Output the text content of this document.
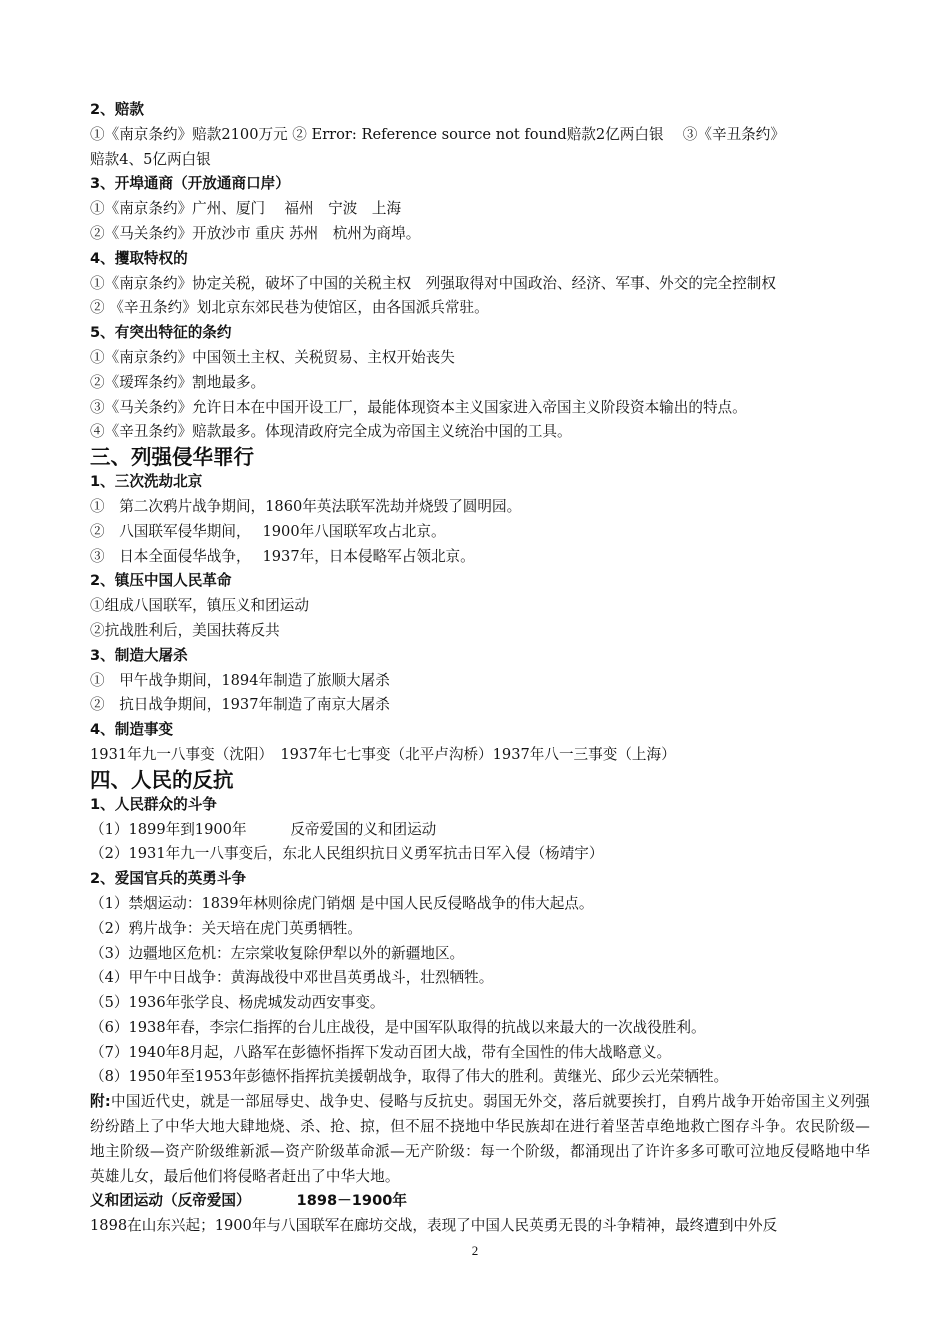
2、赔款
①《南京条约》赔款2100万元 ② Error: Reference source not found赔款2亿两白银　 ③《辛丑条约》
赔款4、5亿两白银
3、开埠通商（开放通商口岸）
①《南京条约》广州、厦门　 福州　宁波　上海
②《马关条约》开放沙市 重庆 苏州　杭州为商埠。
4、攫取特权的
①《南京条约》协定关税，破坏了中国的关税主权　列强取得对中国政治、经济、军事、外交的完全控制权
② 《辛丑条约》划北京东郊民巷为使馆区，由各国派兵常驻。
5、有突出特征的条约
①《南京条约》中国领土主权、关税贸易、主权开始丧失
②《瑷珲条约》割地最多。
③《马关条约》允许日本在中国开设工厂，最能体现资本主义国家进入帝国主义阶段资本输出的特点。
④《辛丑条约》赔款最多。体现清政府完全成为帝国主义统治中国的工具。
三、列强侵华罪行
1、三次洗劫北京
①　第二次鸦片战争期间，1860年英法联军洗劫并烧毁了圆明园。
②　八国联军侵华期间，　 1900年八国联军攻占北京。
③　日本全面侵华战争，　 1937年，日本侵略军占领北京。
2、镇压中国人民革命
①组成八国联军，镇压义和团运动
②抗战胜利后，美国扶蒋反共
3、制造大屠杀
①　甲午战争期间，1894年制造了旅顺大屠杀
②　抗日战争期间，1937年制造了南京大屠杀
4、制造事变
1931年九一八事变（沈阳）　1937年七七事变（北平卢沟桥）1937年八一三事变（上海）
四、人民的反抗
1、人民群众的斗争
（1）1899年到1900年　　　反帝爱国的义和团运动
（2）1931年九一八事变后，东北人民组织抗日义勇军抗击日军入侵（杨靖宇）
2、爱国官兵的英勇斗争
（1）禁烟运动：1839年林则徐虎门销烟 是中国人民反侵略战争的伟大起点。
（2）鸦片战争：关天培在虎门英勇牺牲。
（3）边疆地区危机：左宗棠收复除伊犁以外的新疆地区。
（4）甲午中日战争：黄海战役中邓世昌英勇战斗，壮烈牺牲。
（5）1936年张学良、杨虎城发动西安事变。
（6）1938年春，李宗仁指挥的台儿庄战役，是中国军队取得的抗战以来最大的一次战役胜利。
（7）1940年8月起，八路军在彭德怀指挥下发动百团大战，带有全国性的伟大战略意义。
（8）1950年至1953年彭德怀指挥抗美援朝战争，取得了伟大的胜利。黄继光、邱少云光荣牺牲。
附:中国近代史，就是一部屈辱史、战争史、侵略与反抗史。弱国无外交，落后就要挨打，自鸦片战争开始帝国主义列强纷纷踏上了中华大地大肆地烧、杀、抢、掠，但不屈不挠地中华民族却在进行着坚苦卓绝地救亡图存斗争。农民阶级—地主阶级—资产阶级维新派—资产阶级革命派—无产阶级：每一个阶级，都涌现出了许许多多可歌可泣地反侵略地中华英雄儿女，最后他们将侵略者赶出了中华大地。
义和团运动（反帝爱国）	1898－1900年
1898在山东兴起；1900年与八国联军在廊坊交战，表现了中国人民英勇无畏的斗争精神，最终遭到中外反
2
